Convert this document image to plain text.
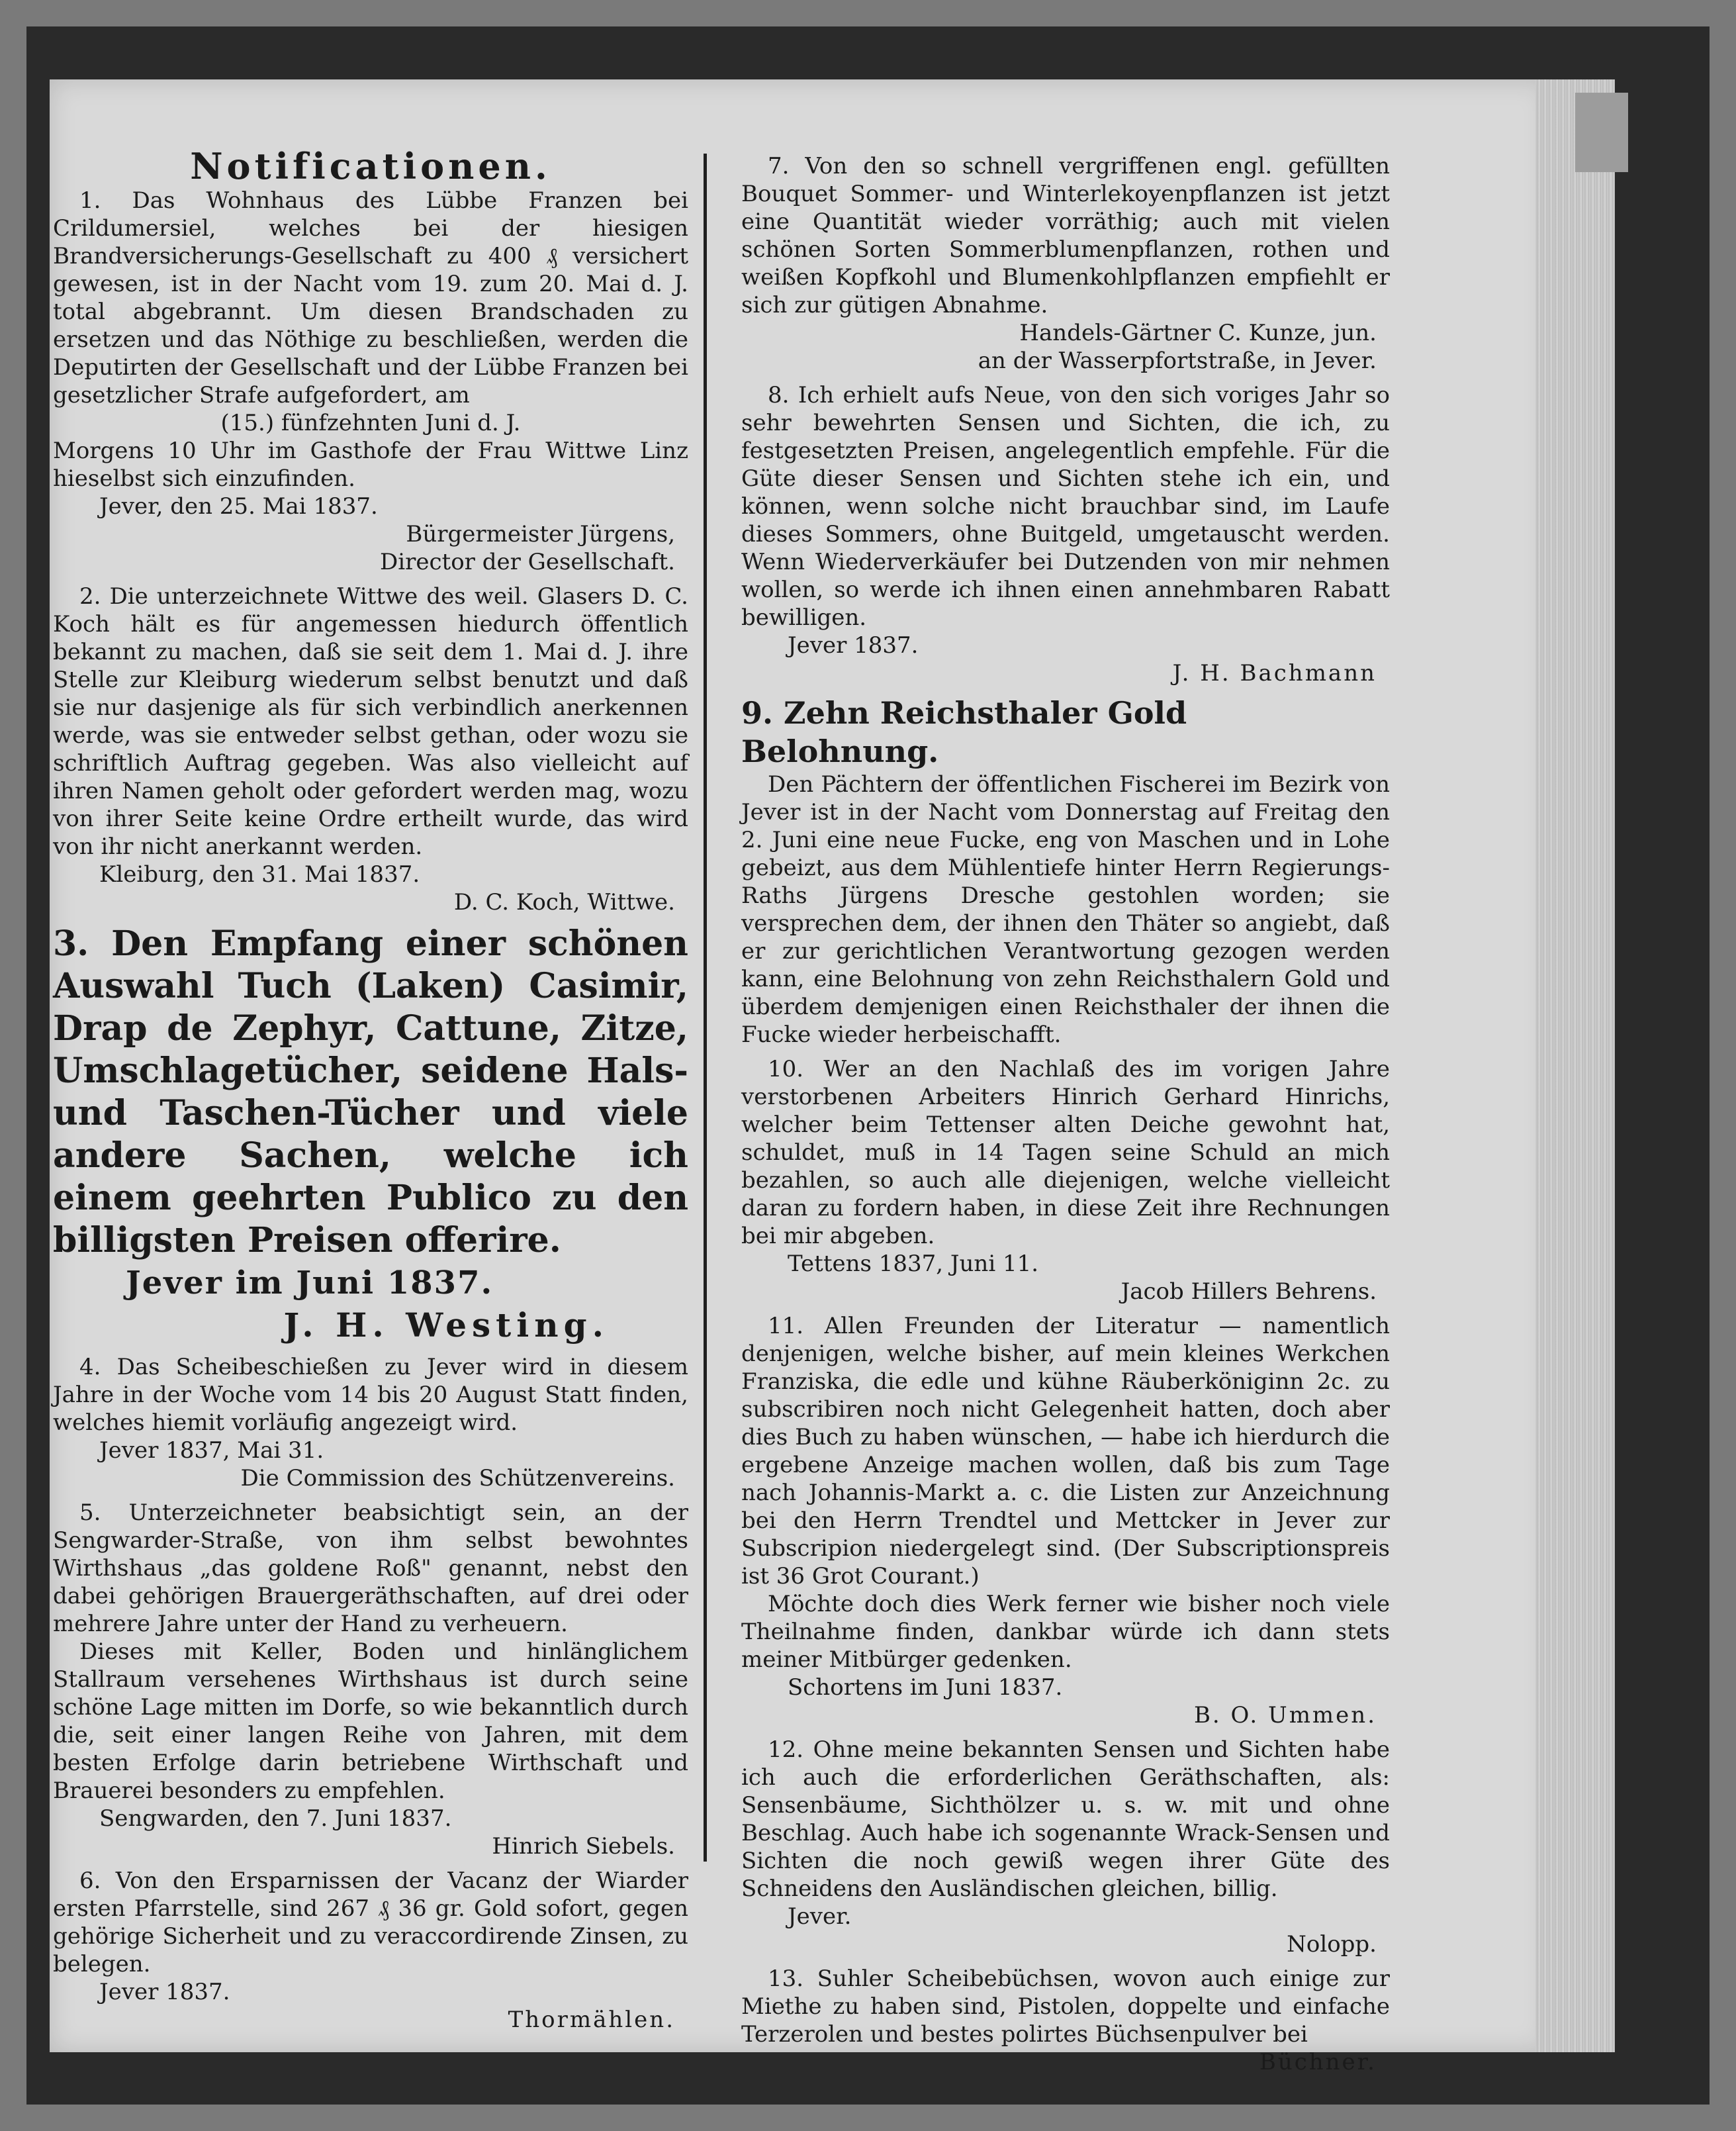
Notificationen.

1. Das Wohnhaus des Lübbe Franzen bei Crildumersiel, welches bei der hiesigen Brandversicherungs-Gesellschaft zu 400 ₰ versichert gewesen, ist in der Nacht vom 19. zum 20. Mai d. J. total abgebrannt. Um diesen Brandschaden zu ersetzen und das Nöthige zu beschließen, werden die Deputirten der Gesellschaft und der Lübbe Franzen bei gesetzlicher Strafe aufgefordert, am

(15.) fünfzehnten Juni d. J.

Morgens 10 Uhr im Gasthofe der Frau Wittwe Linz hieselbst sich einzufinden.

Jever, den 25. Mai 1837.

Bürgermeister Jürgens,

Director der Gesellschaft.

2. Die unterzeichnete Wittwe des weil. Glasers D. C. Koch hält es für angemessen hiedurch öffentlich bekannt zu machen, daß sie seit dem 1. Mai d. J. ihre Stelle zur Kleiburg wiederum selbst benutzt und daß sie nur dasjenige als für sich verbindlich anerkennen werde, was sie entweder selbst gethan, oder wozu sie schriftlich Auftrag gegeben. Was also vielleicht auf ihren Namen geholt oder gefordert werden mag, wozu von ihrer Seite keine Ordre ertheilt wurde, das wird von ihr nicht anerkannt werden.

Kleiburg, den 31. Mai 1837.

D. C. Koch, Wittwe.

3. Den Empfang einer schönen Auswahl Tuch (Laken) Casimir, Drap de Zephyr, Cattune, Zitze, Umschlagetücher, seidene Hals- und Taschen-Tücher und viele andere Sachen, welche ich einem geehrten Publico zu den billigsten Preisen offerire.

Jever im Juni 1837.

J. H. Westing.

4. Das Scheibeschießen zu Jever wird in diesem Jahre in der Woche vom 14 bis 20 August Statt finden, welches hiemit vorläufig angezeigt wird.

Jever 1837, Mai 31.

Die Commission des Schützenvereins.

5. Unterzeichneter beabsichtigt sein, an der Sengwarder-Straße, von ihm selbst bewohntes Wirthshaus „das goldene Roß" genannt, nebst den dabei gehörigen Brauergeräthschaften, auf drei oder mehrere Jahre unter der Hand zu verheuern.

Dieses mit Keller, Boden und hinlänglichem Stallraum versehenes Wirthshaus ist durch seine schöne Lage mitten im Dorfe, so wie bekanntlich durch die, seit einer langen Reihe von Jahren, mit dem besten Erfolge darin betriebene Wirthschaft und Brauerei besonders zu empfehlen.

Sengwarden, den 7. Juni 1837.

Hinrich Siebels.

6. Von den Ersparnissen der Vacanz der Wiarder ersten Pfarrstelle, sind 267 ₰ 36 gr. Gold sofort, gegen gehörige Sicherheit und zu veraccordirende Zinsen, zu belegen.

Jever 1837.

Thormählen.

7. Von den so schnell vergriffenen engl. gefüllten Bouquet Sommer- und Winterlekoyenpflanzen ist jetzt eine Quantität wieder vorräthig; auch mit vielen schönen Sorten Sommerblumenpflanzen, rothen und weißen Kopfkohl und Blumenkohlpflanzen empfiehlt er sich zur gütigen Abnahme.

Handels-Gärtner C. Kunze, jun.

an der Wasserpfortstraße, in Jever.

8. Ich erhielt aufs Neue, von den sich voriges Jahr so sehr bewehrten Sensen und Sichten, die ich, zu festgesetzten Preisen, angelegentlich empfehle. Für die Güte dieser Sensen und Sichten stehe ich ein, und können, wenn solche nicht brauchbar sind, im Laufe dieses Sommers, ohne Buitgeld, umgetauscht werden. Wenn Wiederverkäufer bei Dutzenden von mir nehmen wollen, so werde ich ihnen einen annehmbaren Rabatt bewilligen.

Jever 1837.

J. H. Bachmann

9. Zehn Reichsthaler Gold Belohnung.

Den Pächtern der öffentlichen Fischerei im Bezirk von Jever ist in der Nacht vom Donnerstag auf Freitag den 2. Juni eine neue Fucke, eng von Maschen und in Lohe gebeizt, aus dem Mühlentiefe hinter Herrn Regierungs-Raths Jürgens Dresche gestohlen worden; sie versprechen dem, der ihnen den Thäter so angiebt, daß er zur gerichtlichen Verantwortung gezogen werden kann, eine Belohnung von zehn Reichsthalern Gold und überdem demjenigen einen Reichsthaler der ihnen die Fucke wieder herbeischafft.

10. Wer an den Nachlaß des im vorigen Jahre verstorbenen Arbeiters Hinrich Gerhard Hinrichs, welcher beim Tettenser alten Deiche gewohnt hat, schuldet, muß in 14 Tagen seine Schuld an mich bezahlen, so auch alle diejenigen, welche vielleicht daran zu fordern haben, in diese Zeit ihre Rechnungen bei mir abgeben.

Tettens 1837, Juni 11.

Jacob Hillers Behrens.

11. Allen Freunden der Literatur — namentlich denjenigen, welche bisher, auf mein kleines Werkchen Franziska, die edle und kühne Räuberköniginn 2c. zu subscribiren noch nicht Gelegenheit hatten, doch aber dies Buch zu haben wünschen, — habe ich hierdurch die ergebene Anzeige machen wollen, daß bis zum Tage nach Johannis-Markt a. c. die Listen zur Anzeichnung bei den Herrn Trendtel und Mettcker in Jever zur Subscripion niedergelegt sind. (Der Subscriptionspreis ist 36 Grot Courant.)

Möchte doch dies Werk ferner wie bisher noch viele Theilnahme finden, dankbar würde ich dann stets meiner Mitbürger gedenken.

Schortens im Juni 1837.

B. O. Ummen.

12. Ohne meine bekannten Sensen und Sichten habe ich auch die erforderlichen Geräthschaften, als: Sensenbäume, Sichthölzer u. s. w. mit und ohne Beschlag. Auch habe ich sogenannte Wrack-Sensen und Sichten die noch gewiß wegen ihrer Güte des Schneidens den Ausländischen gleichen, billig.

Jever.

Nolopp.

13. Suhler Scheibebüchsen, wovon auch einige zur Miethe zu haben sind, Pistolen, doppelte und einfache Terzerolen und bestes polirtes Büchsenpulver bei

Büchner.
